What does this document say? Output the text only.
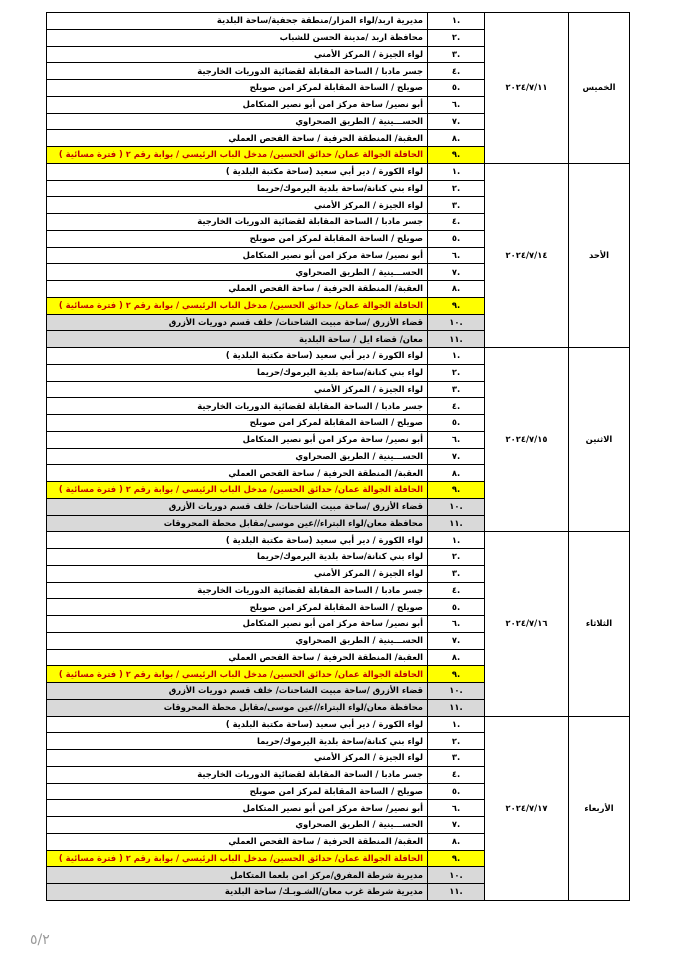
الخميس	٢٠٢٤/٧/١١	.١	مديرية اربد/لواء المزار/منطقة جحفية/ساحة البلدية
		.٢	محافظة اربد /مدينة الحسن للشباب
		.٣	لواء الجيزة / المركز الأمني
		.٤	جسر مادبا / الساحة المقابلة لقضائية الدوريات الخارجية
		.٥	صويلح / الساحة المقابلة لمركز امن صويلح
		.٦	أبو نصير/ ساحة مركز امن أبو نصير المتكامل
		.٧	الحســـينية / الطريق الصحراوي
		.٨	العقبة/ المنطقة الحرفية / ساحة الفحص العملي
		.٩	الحافلة الجوالة عمان/ حدائق الحسين/ مدخل الباب الرئيسي / بوابة رقم ٢ ( فترة مسائية )
الأحد	٢٠٢٤/٧/١٤	.١	لواء الكورة / دير أبي سعيد (ساحة مكتبة البلدية )
		.٢	لواء بني كنانة/ساحة بلدية اليرموك/حريما
		.٣	لواء الجيزة / المركز الأمني
		.٤	جسر مادبا / الساحة المقابلة لقضائية الدوريات الخارجية
		.٥	صويلح / الساحة المقابلة لمركز امن صويلح
		.٦	أبو نصير/ ساحة مركز امن أبو نصير المتكامل
		.٧	الحســـينية / الطريق الصحراوي
		.٨	العقبة/ المنطقة الحرفية / ساحة الفحص العملي
		.٩	الحافلة الجوالة عمان/ حدائق الحسين/ مدخل الباب الرئيسي / بوابة رقم ٢ ( فترة مسائية )
		.١٠	قضاء الأزرق /ساحة مبيت الشاحنات/ خلف قسم دوريات الأزرق
		.١١	معان/ قضاء ايل / ساحة البلدية
الاثنين	٢٠٢٤/٧/١٥	.١	لواء الكورة / دير أبي سعيد (ساحة مكتبة البلدية )
		.٢	لواء بني كنانة/ساحة بلدية اليرموك/حريما
		.٣	لواء الجيزة / المركز الأمني
		.٤	جسر مادبا / الساحة المقابلة لقضائية الدوريات الخارجية
		.٥	صويلح / الساحة المقابلة لمركز امن صويلح
		.٦	أبو نصير/ ساحة مركز امن أبو نصير المتكامل
		.٧	الحســـينية / الطريق الصحراوي
		.٨	العقبة/ المنطقة الحرفية / ساحة الفحص العملي
		.٩	الحافلة الجوالة عمان/ حدائق الحسين/ مدخل الباب الرئيسي / بوابة رقم ٢ ( فترة مسائية )
		.١٠	قضاء الأزرق /ساحة مبيت الشاحنات/ خلف قسم دوريات الأزرق
		.١١	محافظة معان/لواء البتراء//عين موسى/مقابل محطة المحروقات
الثلاثاء	٢٠٢٤/٧/١٦	.١	لواء الكورة / دير أبي سعيد (ساحة مكتبة البلدية )
		.٢	لواء بني كنانة/ساحة بلدية اليرموك/حريما
		.٣	لواء الجيزة / المركز الأمني
		.٤	جسر مادبا / الساحة المقابلة لقضائية الدوريات الخارجية
		.٥	صويلح / الساحة المقابلة لمركز امن صويلح
		.٦	أبو نصير/ ساحة مركز امن أبو نصير المتكامل
		.٧	الحســـينية / الطريق الصحراوي
		.٨	العقبة/ المنطقة الحرفية / ساحة الفحص العملي
		.٩	الحافلة الجوالة عمان/ حدائق الحسين/ مدخل الباب الرئيسي / بوابة رقم ٢ ( فترة مسائية )
		.١٠	قضاء الأزرق /ساحة مبيت الشاحنات/ خلف قسم دوريات الأزرق
		.١١	محافظة معان/لواء البتراء//عين موسى/مقابل محطة المحروقات
الأربعاء	٢٠٢٤/٧/١٧	.١	لواء الكورة / دير أبي سعيد (ساحة مكتبة البلدية )
		.٢	لواء بني كنانة/ساحة بلدية اليرموك/حريما
		.٣	لواء الجيزة / المركز الأمني
		.٤	جسر مادبا / الساحة المقابلة لقضائية الدوريات الخارجية
		.٥	صويلح / الساحة المقابلة لمركز امن صويلح
		.٦	أبو نصير/ ساحة مركز امن أبو نصير المتكامل
		.٧	الحســـينية / الطريق الصحراوي
		.٨	العقبة/ المنطقة الحرفية / ساحة الفحص العملي
		.٩	الحافلة الجوالة عمان/ حدائق الحسين/ مدخل الباب الرئيسي / بوابة رقم ٢ ( فترة مسائية )
		.١٠	مديرية شرطة المفرق/مركز امن بلعما المتكامل
		.١١	مديرية شرطة غرب معان/الشـوبـك/ ساحة البلدية
٥/٢
